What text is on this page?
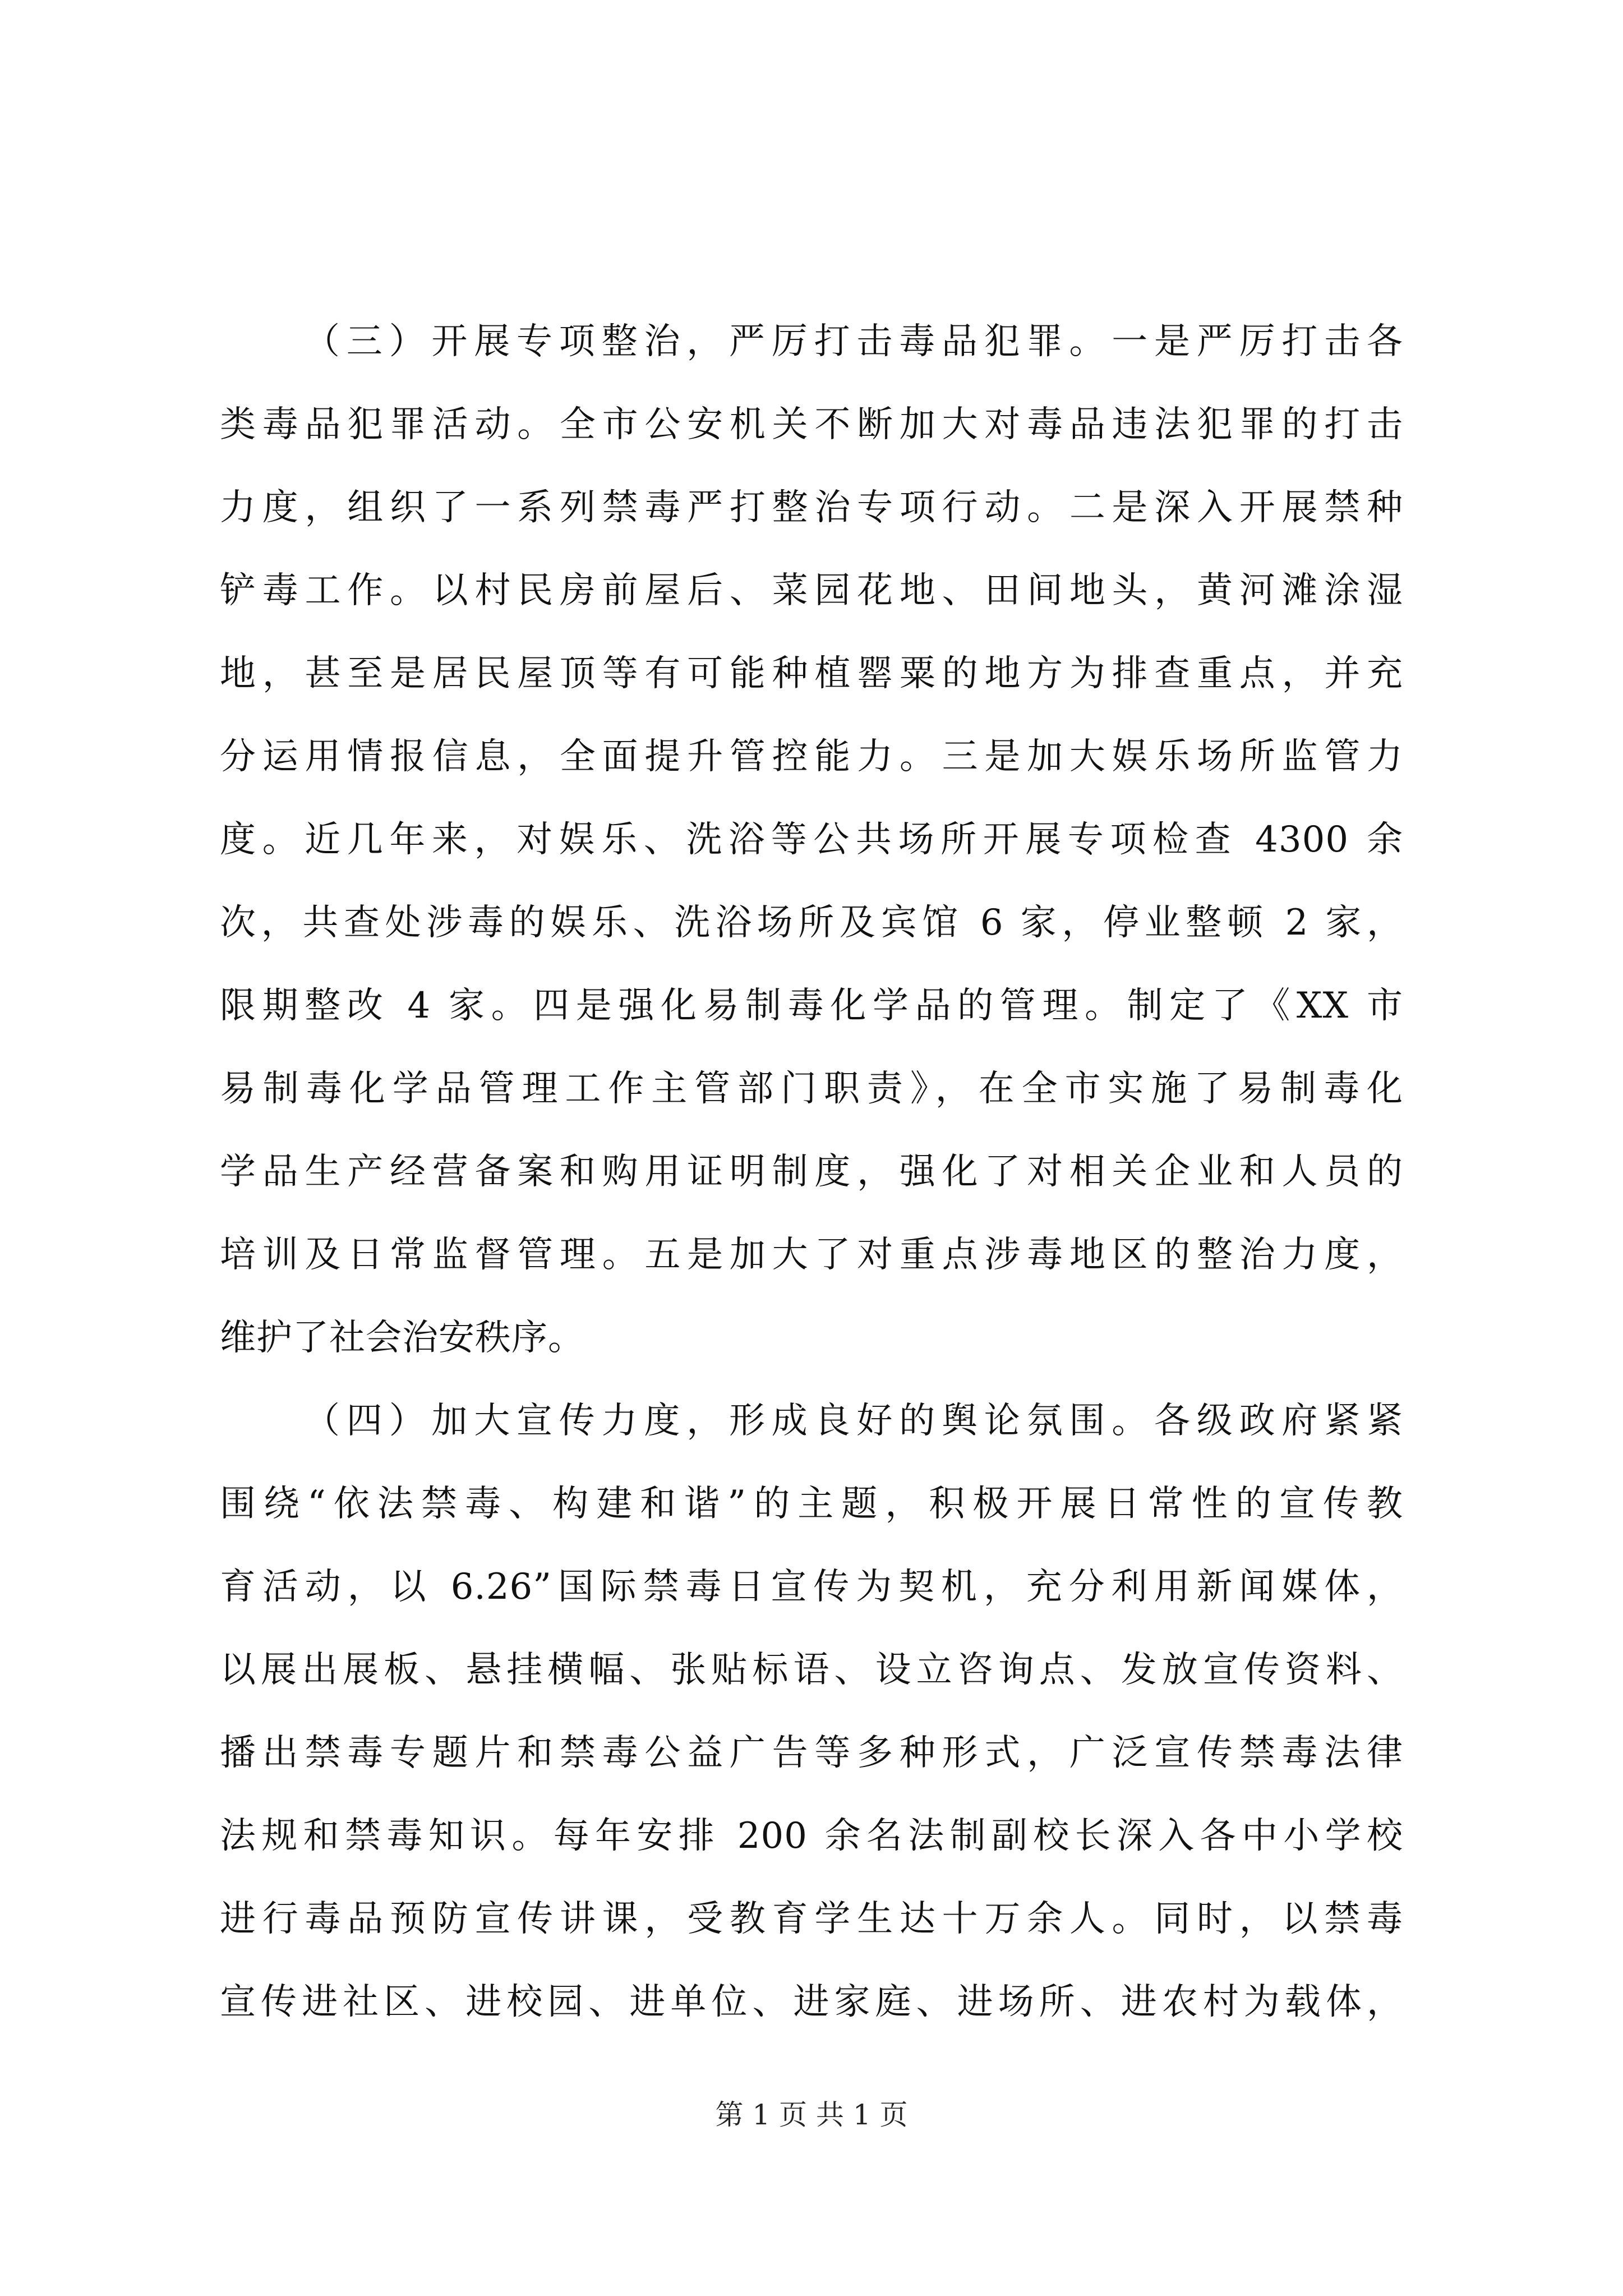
（三）开展专项整治，严厉打击毒品犯罪。一是严厉打击各
类毒品犯罪活动。全市公安机关不断加大对毒品违法犯罪的打击
力度，组织了一系列禁毒严打整治专项行动。二是深入开展禁种
铲毒工作。以村民房前屋后、菜园花地、田间地头，黄河滩涂湿
地，甚至是居民屋顶等有可能种植罂粟的地方为排查重点，并充
分运用情报信息，全面提升管控能力。三是加大娱乐场所监管力
度。近几年来，对娱乐、洗浴等公共场所开展专项检查 4300 余
次，共查处涉毒的娱乐、洗浴场所及宾馆 6 家，停业整顿 2 家，
限期整改 4 家。四是强化易制毒化学品的管理。制定了《XX 市
易制毒化学品管理工作主管部门职责》，在全市实施了易制毒化
学品生产经营备案和购用证明制度，强化了对相关企业和人员的
培训及日常监督管理。五是加大了对重点涉毒地区的整治力度，
维护了社会治安秩序。
（四）加大宣传力度，形成良好的舆论氛围。各级政府紧紧
围绕“依法禁毒、构建和谐”的主题，积极开展日常性的宣传教
育活动，以 6.26”国际禁毒日宣传为契机，充分利用新闻媒体，
以展出展板、悬挂横幅、张贴标语、设立咨询点、发放宣传资料、
播出禁毒专题片和禁毒公益广告等多种形式，广泛宣传禁毒法律
法规和禁毒知识。每年安排 200 余名法制副校长深入各中小学校
进行毒品预防宣传讲课，受教育学生达十万余人。同时，以禁毒
宣传进社区、进校园、进单位、进家庭、进场所、进农村为载体，
第 1 页 共 1 页
